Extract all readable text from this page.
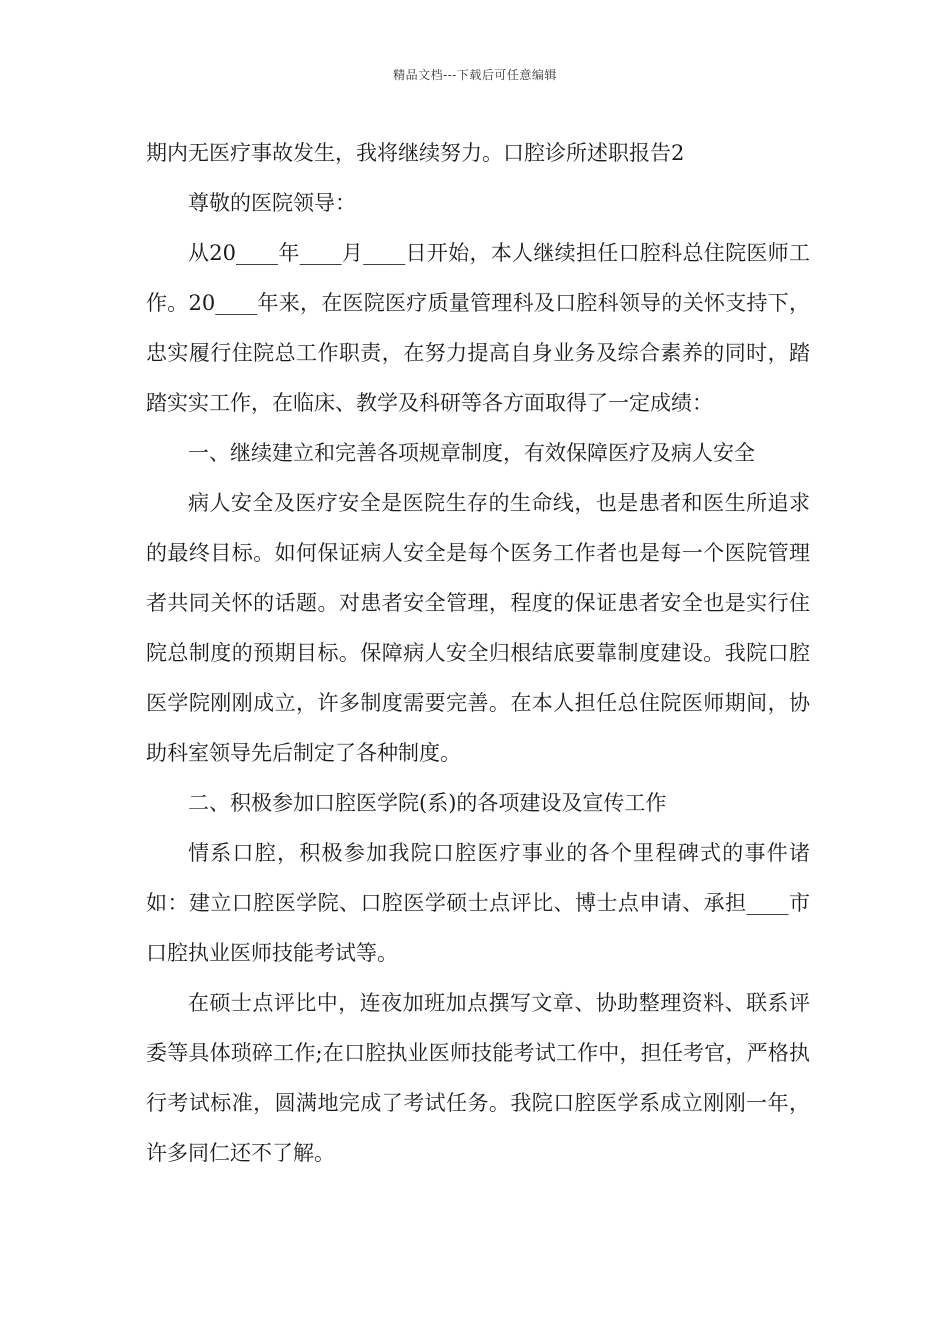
精品文档---下载后可任意编辑

期内无医疗事故发生，我将继续努力。口腔诊所述职报告2

尊敬的医院领导：

从20____年____月____日开始，本人继续担任口腔科总住院医师工作。20____年来，在医院医疗质量管理科及口腔科领导的关怀支持下，忠实履行住院总工作职责，在努力提高自身业务及综合素养的同时，踏踏实实工作，在临床、教学及科研等各方面取得了一定成绩：

一、继续建立和完善各项规章制度，有效保障医疗及病人安全

病人安全及医疗安全是医院生存的生命线，也是患者和医生所追求的最终目标。如何保证病人安全是每个医务工作者也是每一个医院管理者共同关怀的话题。对患者安全管理，程度的保证患者安全也是实行住院总制度的预期目标。保障病人安全归根结底要靠制度建设。我院口腔医学院刚刚成立，许多制度需要完善。在本人担任总住院医师期间，协助科室领导先后制定了各种制度。

二、积极参加口腔医学院(系)的各项建设及宣传工作

情系口腔，积极参加我院口腔医疗事业的各个里程碑式的事件诸如：建立口腔医学院、口腔医学硕士点评比、博士点申请、承担____市口腔执业医师技能考试等。

在硕士点评比中，连夜加班加点撰写文章、协助整理资料、联系评委等具体琐碎工作;在口腔执业医师技能考试工作中，担任考官，严格执行考试标准，圆满地完成了考试任务。我院口腔医学系成立刚刚一年，许多同仁还不了解。
